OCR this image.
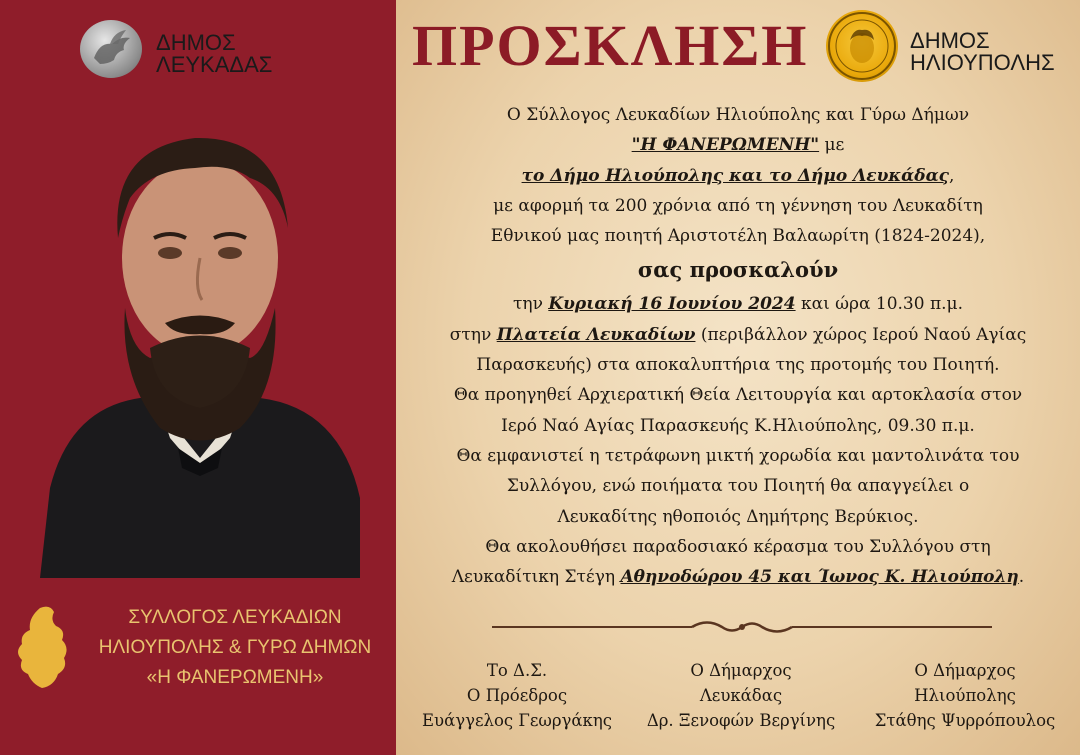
ΔΗΜΟΣ
ΛΕΥΚΑΔΑΣ ΠΡΟΣΚΛΗΣΗ	ΔΗΜΟΣ
ΗΛΙΟΥΠΟΛΗΣ
ΣΥΛΛΟΓΟΣ ΛΕΥΚΑΔΙΩΝ
ΗΛΙΟΥΠΟΛΗΣ & ΓΥΡΩ ΔΗΜΩΝ
«Η ΦΑΝΕΡΩΜΕΝΗ»
Ο Σύλλογος Λευκαδίων Ηλιούπολης και Γύρω Δήμων
"Η ΦΑΝΕΡΩΜΕΝΗ" με
το Δήμο Ηλιούπολης και το Δήμο Λευκάδας,
με αφορμή τα 200 χρόνια από τη γέννηση του Λευκαδίτη
Εθνικού μας ποιητή Αριστοτέλη Βαλαωρίτη (1824-2024),
σας προσκαλούν
την Κυριακή 16 Ιουνίου 2024 και ώρα 10.30 π.μ.
στην Πλατεία Λευκαδίων (περιβάλλον χώρος Ιερού Ναού Αγίας
Παρασκευής) στα αποκαλυπτήρια της προτομής του Ποιητή.
Θα προηγηθεί Αρχιερατική Θεία Λειτουργία και αρτοκλασία στον
Ιερό Ναό Αγίας Παρασκευής Κ.Ηλιούπολης, 09.30 π.μ.
Θα εμφανιστεί η τετράφωνη μικτή χορωδία και μαντολινάτα του
Συλλόγου, ενώ ποιήματα του Ποιητή θα απαγγείλει ο
Λευκαδίτης ηθοποιός Δημήτρης Βερύκιος.
Θα ακολουθήσει παραδοσιακό κέρασμα του Συλλόγου στη
Λευκαδίτικη Στέγη Αθηνοδώρου 45 και Ίωνος Κ. Ηλιούπολη.
Το Δ.Σ.
Ο Πρόεδρος
Ευάγγελος Γεωργάκης
Ο Δήμαρχος
Λευκάδας
Δρ. Ξενοφών Βεργίνης
Ο Δήμαρχος
Ηλιούπολης
Στάθης Ψυρρόπουλος
